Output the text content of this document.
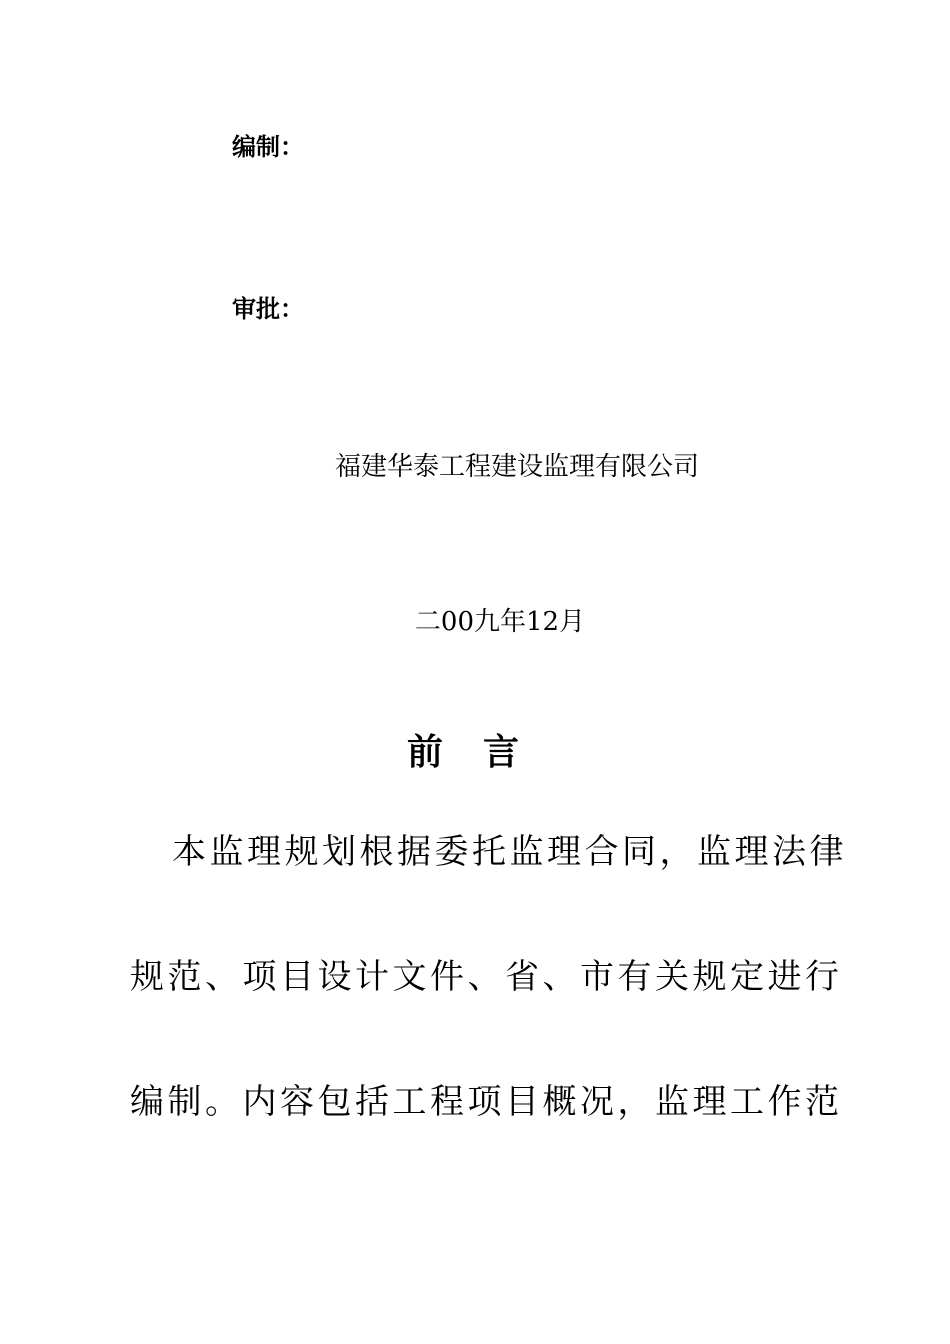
编制：
审批：
福建华泰工程建设监理有限公司
二00九年12月
前言
本监理规划根据委托监理合同，监理法律
规范、项目设计文件、省、市有关规定进行
编制。内容包括工程项目概况，监理工作范
